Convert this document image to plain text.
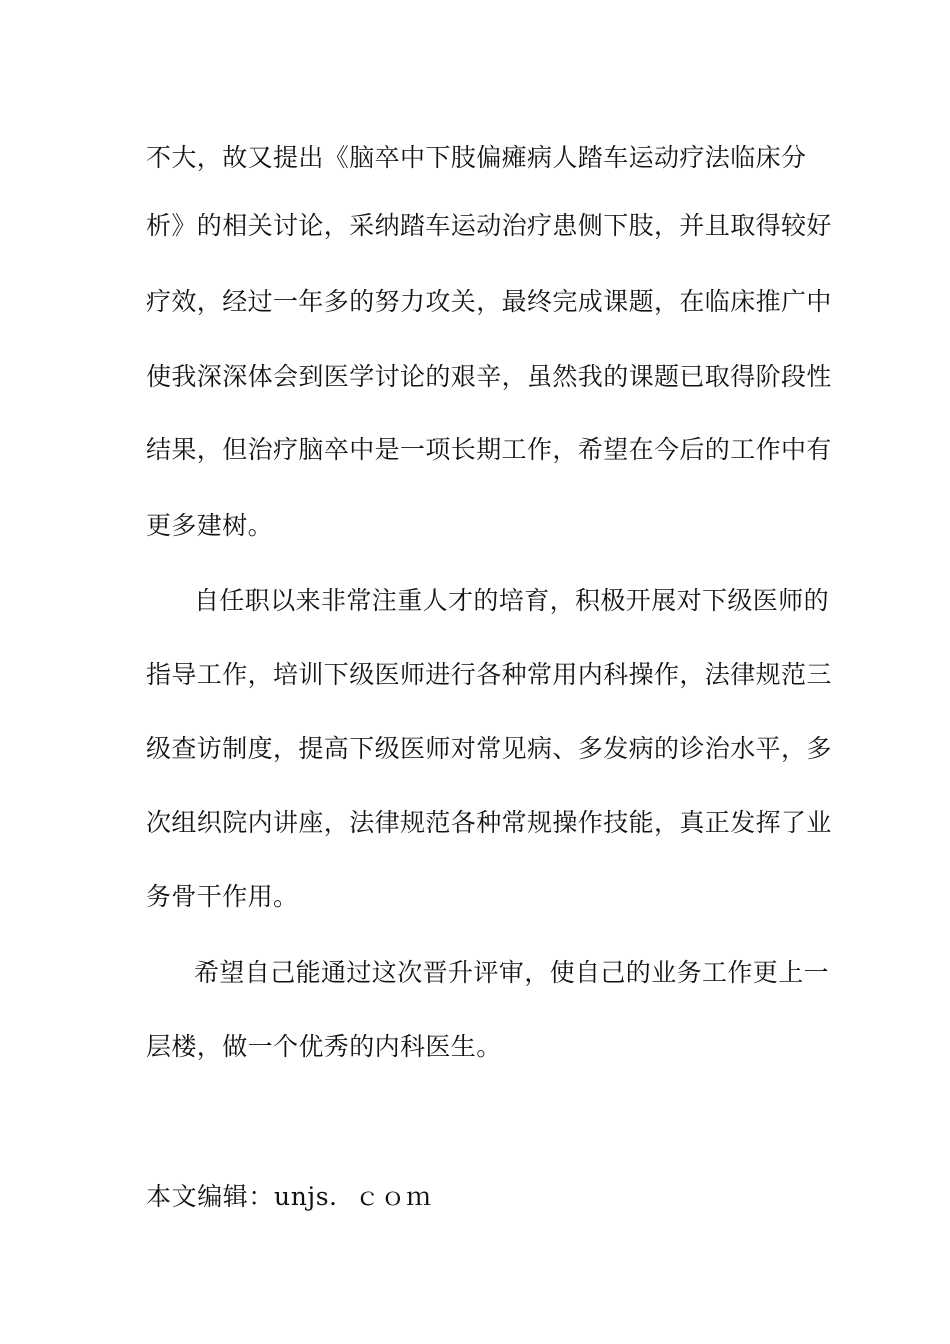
不大，故又提出《脑卒中下肢偏瘫病人踏车运动疗法临床分
析》的相关讨论，采纳踏车运动治疗患侧下肢，并且取得较好
疗效，经过一年多的努力攻关，最终完成课题，在临床推广中
使我深深体会到医学讨论的艰辛，虽然我的课题已取得阶段性
结果，但治疗脑卒中是一项长期工作，希望在今后的工作中有
更多建树。
自任职以来非常注重人才的培育，积极开展对下级医师的
指导工作，培训下级医师进行各种常用内科操作，法律规范三
级查访制度，提高下级医师对常见病、多发病的诊治水平，多
次组织院内讲座，法律规范各种常规操作技能，真正发挥了业
务骨干作用。
希望自己能通过这次晋升评审，使自己的业务工作更上一
层楼，做一个优秀的内科医生。
本文编辑：unjs．ｃｏｍ
